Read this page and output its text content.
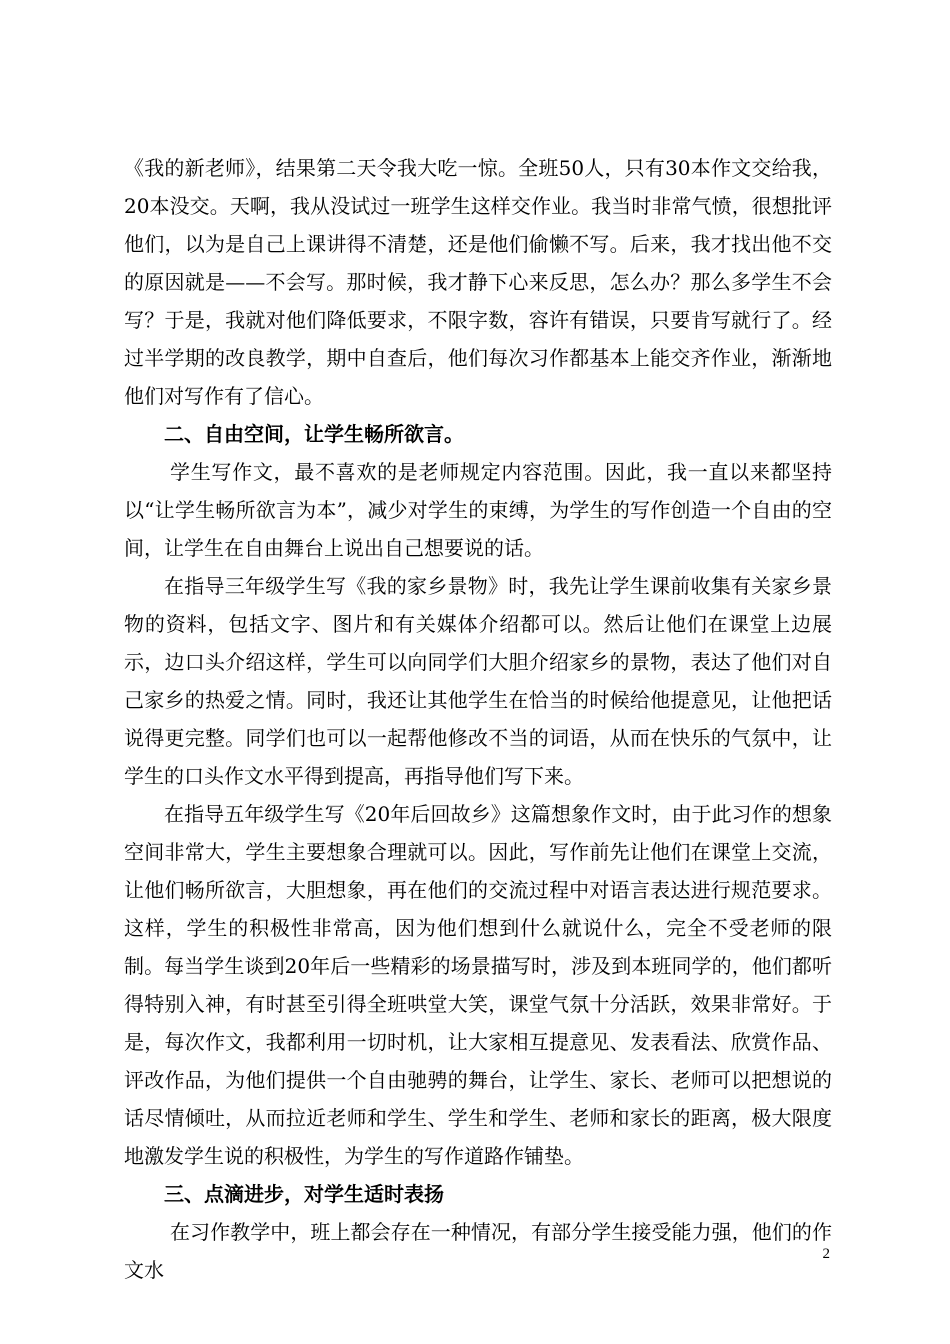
《我的新老师》，结果第二天令我大吃一惊。全班50人，只有30本作文交给我，20本没交。天啊，我从没试过一班学生这样交作业。我当时非常气愤，很想批评他们，以为是自己上课讲得不清楚，还是他们偷懒不写。后来，我才找出他不交的原因就是——不会写。那时候，我才静下心来反思，怎么办？那么多学生不会写？于是，我就对他们降低要求，不限字数，容许有错误，只要肯写就行了。经过半学期的改良教学，期中自查后，他们每次习作都基本上能交齐作业，渐渐地他们对写作有了信心。

二、自由空间，让学生畅所欲言。

学生写作文，最不喜欢的是老师规定内容范围。因此，我一直以来都坚持以“让学生畅所欲言为本”，减少对学生的束缚，为学生的写作创造一个自由的空间，让学生在自由舞台上说出自己想要说的话。

在指导三年级学生写《我的家乡景物》时，我先让学生课前收集有关家乡景物的资料，包括文字、图片和有关媒体介绍都可以。然后让他们在课堂上边展示，边口头介绍这样，学生可以向同学们大胆介绍家乡的景物，表达了他们对自己家乡的热爱之情。同时，我还让其他学生在恰当的时候给他提意见，让他把话说得更完整。同学们也可以一起帮他修改不当的词语，从而在快乐的气氛中，让学生的口头作文水平得到提高，再指导他们写下来。

在指导五年级学生写《20年后回故乡》这篇想象作文时，由于此习作的想象空间非常大，学生主要想象合理就可以。因此，写作前先让他们在课堂上交流，让他们畅所欲言，大胆想象，再在他们的交流过程中对语言表达进行规范要求。这样，学生的积极性非常高，因为他们想到什么就说什么，完全不受老师的限制。每当学生谈到20年后一些精彩的场景描写时，涉及到本班同学的，他们都听得特别入神，有时甚至引得全班哄堂大笑，课堂气氛十分活跃，效果非常好。于是，每次作文，我都利用一切时机，让大家相互提意见、发表看法、欣赏作品、评改作品，为他们提供一个自由驰骋的舞台，让学生、家长、老师可以把想说的话尽情倾吐，从而拉近老师和学生、学生和学生、老师和家长的距离，极大限度地激发学生说的积极性，为学生的写作道路作铺垫。

三、点滴进步，对学生适时表扬

在习作教学中，班上都会存在一种情况，有部分学生接受能力强，他们的作文水

2
